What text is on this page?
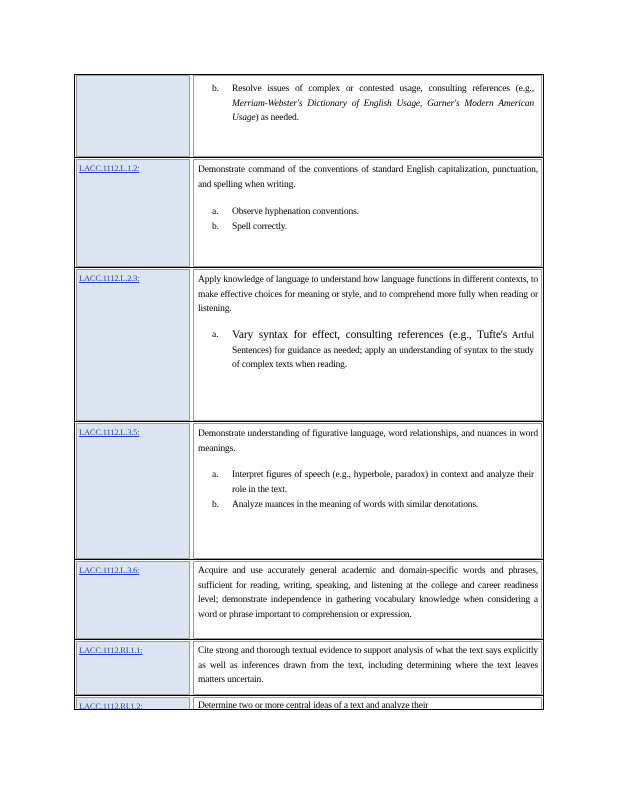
b. Resolve issues of complex or contested usage, consulting references (e.g., Merriam-Webster's Dictionary of English Usage, Garner's Modern American Usage) as needed.
LACC.1112.L.1.2:	Demonstrate command of the conventions of standard English capitalization, punctuation, and spelling when writing.
a. Observe hyphenation conventions.
b. Spell correctly.
LACC.1112.L.2.3:	Apply knowledge of language to understand how language functions in different contexts, to make effective choices for meaning or style, and to comprehend more fully when reading or listening.
a. Vary syntax for effect, consulting references (e.g., Tufte's Artful Sentences) for guidance as needed; apply an understanding of syntax to the study of complex texts when reading.
LACC.1112.L.3.5:	Demonstrate understanding of figurative language, word relationships, and nuances in word meanings.
a. Interpret figures of speech (e.g., hyperbole, paradox) in context and analyze their role in the text.
b. Analyze nuances in the meaning of words with similar denotations.
LACC.1112.L.3.6:	Acquire and use accurately general academic and domain-specific words and phrases, sufficient for reading, writing, speaking, and listening at the college and career readiness level; demonstrate independence in gathering vocabulary knowledge when considering a word or phrase important to comprehension or expression.
LACC.1112.RI.1.1:	Cite strong and thorough textual evidence to support analysis of what the text says explicitly as well as inferences drawn from the text, including determining where the text leaves matters uncertain.
LACC.1112.RI.1.2:	Determine two or more central ideas of a text and analyze their
